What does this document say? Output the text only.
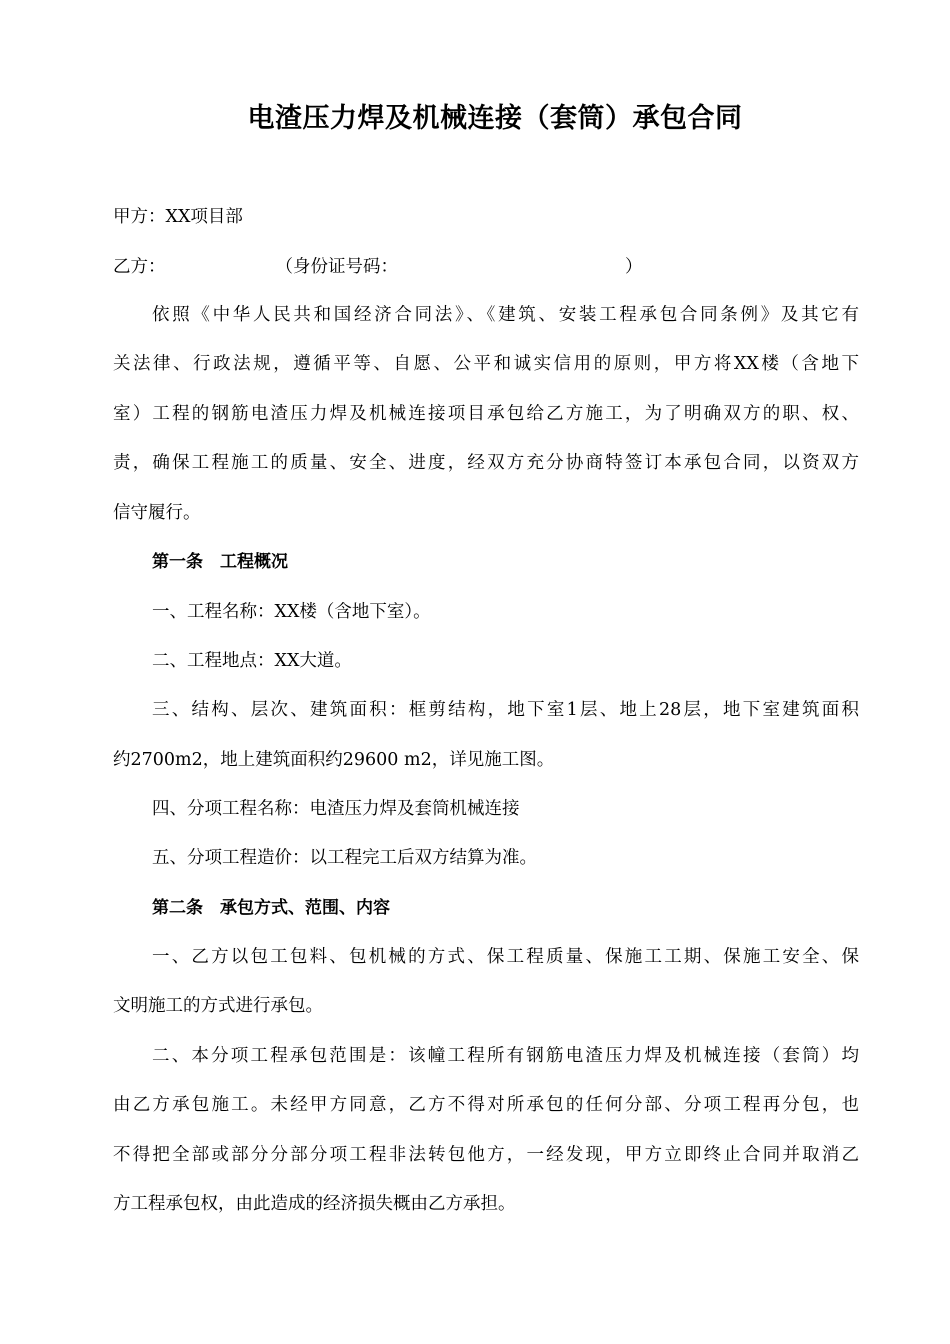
电渣压力焊及机械连接（套筒）承包合同
甲方：XX项目部
乙方：	（身份证号码：	）
依照《中华人民共和国经济合同法》、《建筑、安装工程承包合同条例》及其它有
关法律、行政法规，遵循平等、自愿、公平和诚实信用的原则，甲方将XX楼（含地下
室）工程的钢筋电渣压力焊及机械连接项目承包给乙方施工，为了明确双方的职、权、
责，确保工程施工的质量、安全、进度，经双方充分协商特签订本承包合同，以资双方
信守履行。
第一条　工程概况
一、工程名称：XX楼（含地下室）。
二、工程地点：XX大道。
三、结构、层次、建筑面积：框剪结构，地下室1层、地上28层，地下室建筑面积
约2700m2，地上建筑面积约29600 m2，详见施工图。
四、分项工程名称：电渣压力焊及套筒机械连接
五、分项工程造价：以工程完工后双方结算为准。
第二条　承包方式、范围、内容
一、乙方以包工包料、包机械的方式、保工程质量、保施工工期、保施工安全、保
文明施工的方式进行承包。
二、本分项工程承包范围是：该幢工程所有钢筋电渣压力焊及机械连接（套筒）均
由乙方承包施工。未经甲方同意，乙方不得对所承包的任何分部、分项工程再分包，也
不得把全部或部分分部分项工程非法转包他方，一经发现，甲方立即终止合同并取消乙
方工程承包权，由此造成的经济损失概由乙方承担。
